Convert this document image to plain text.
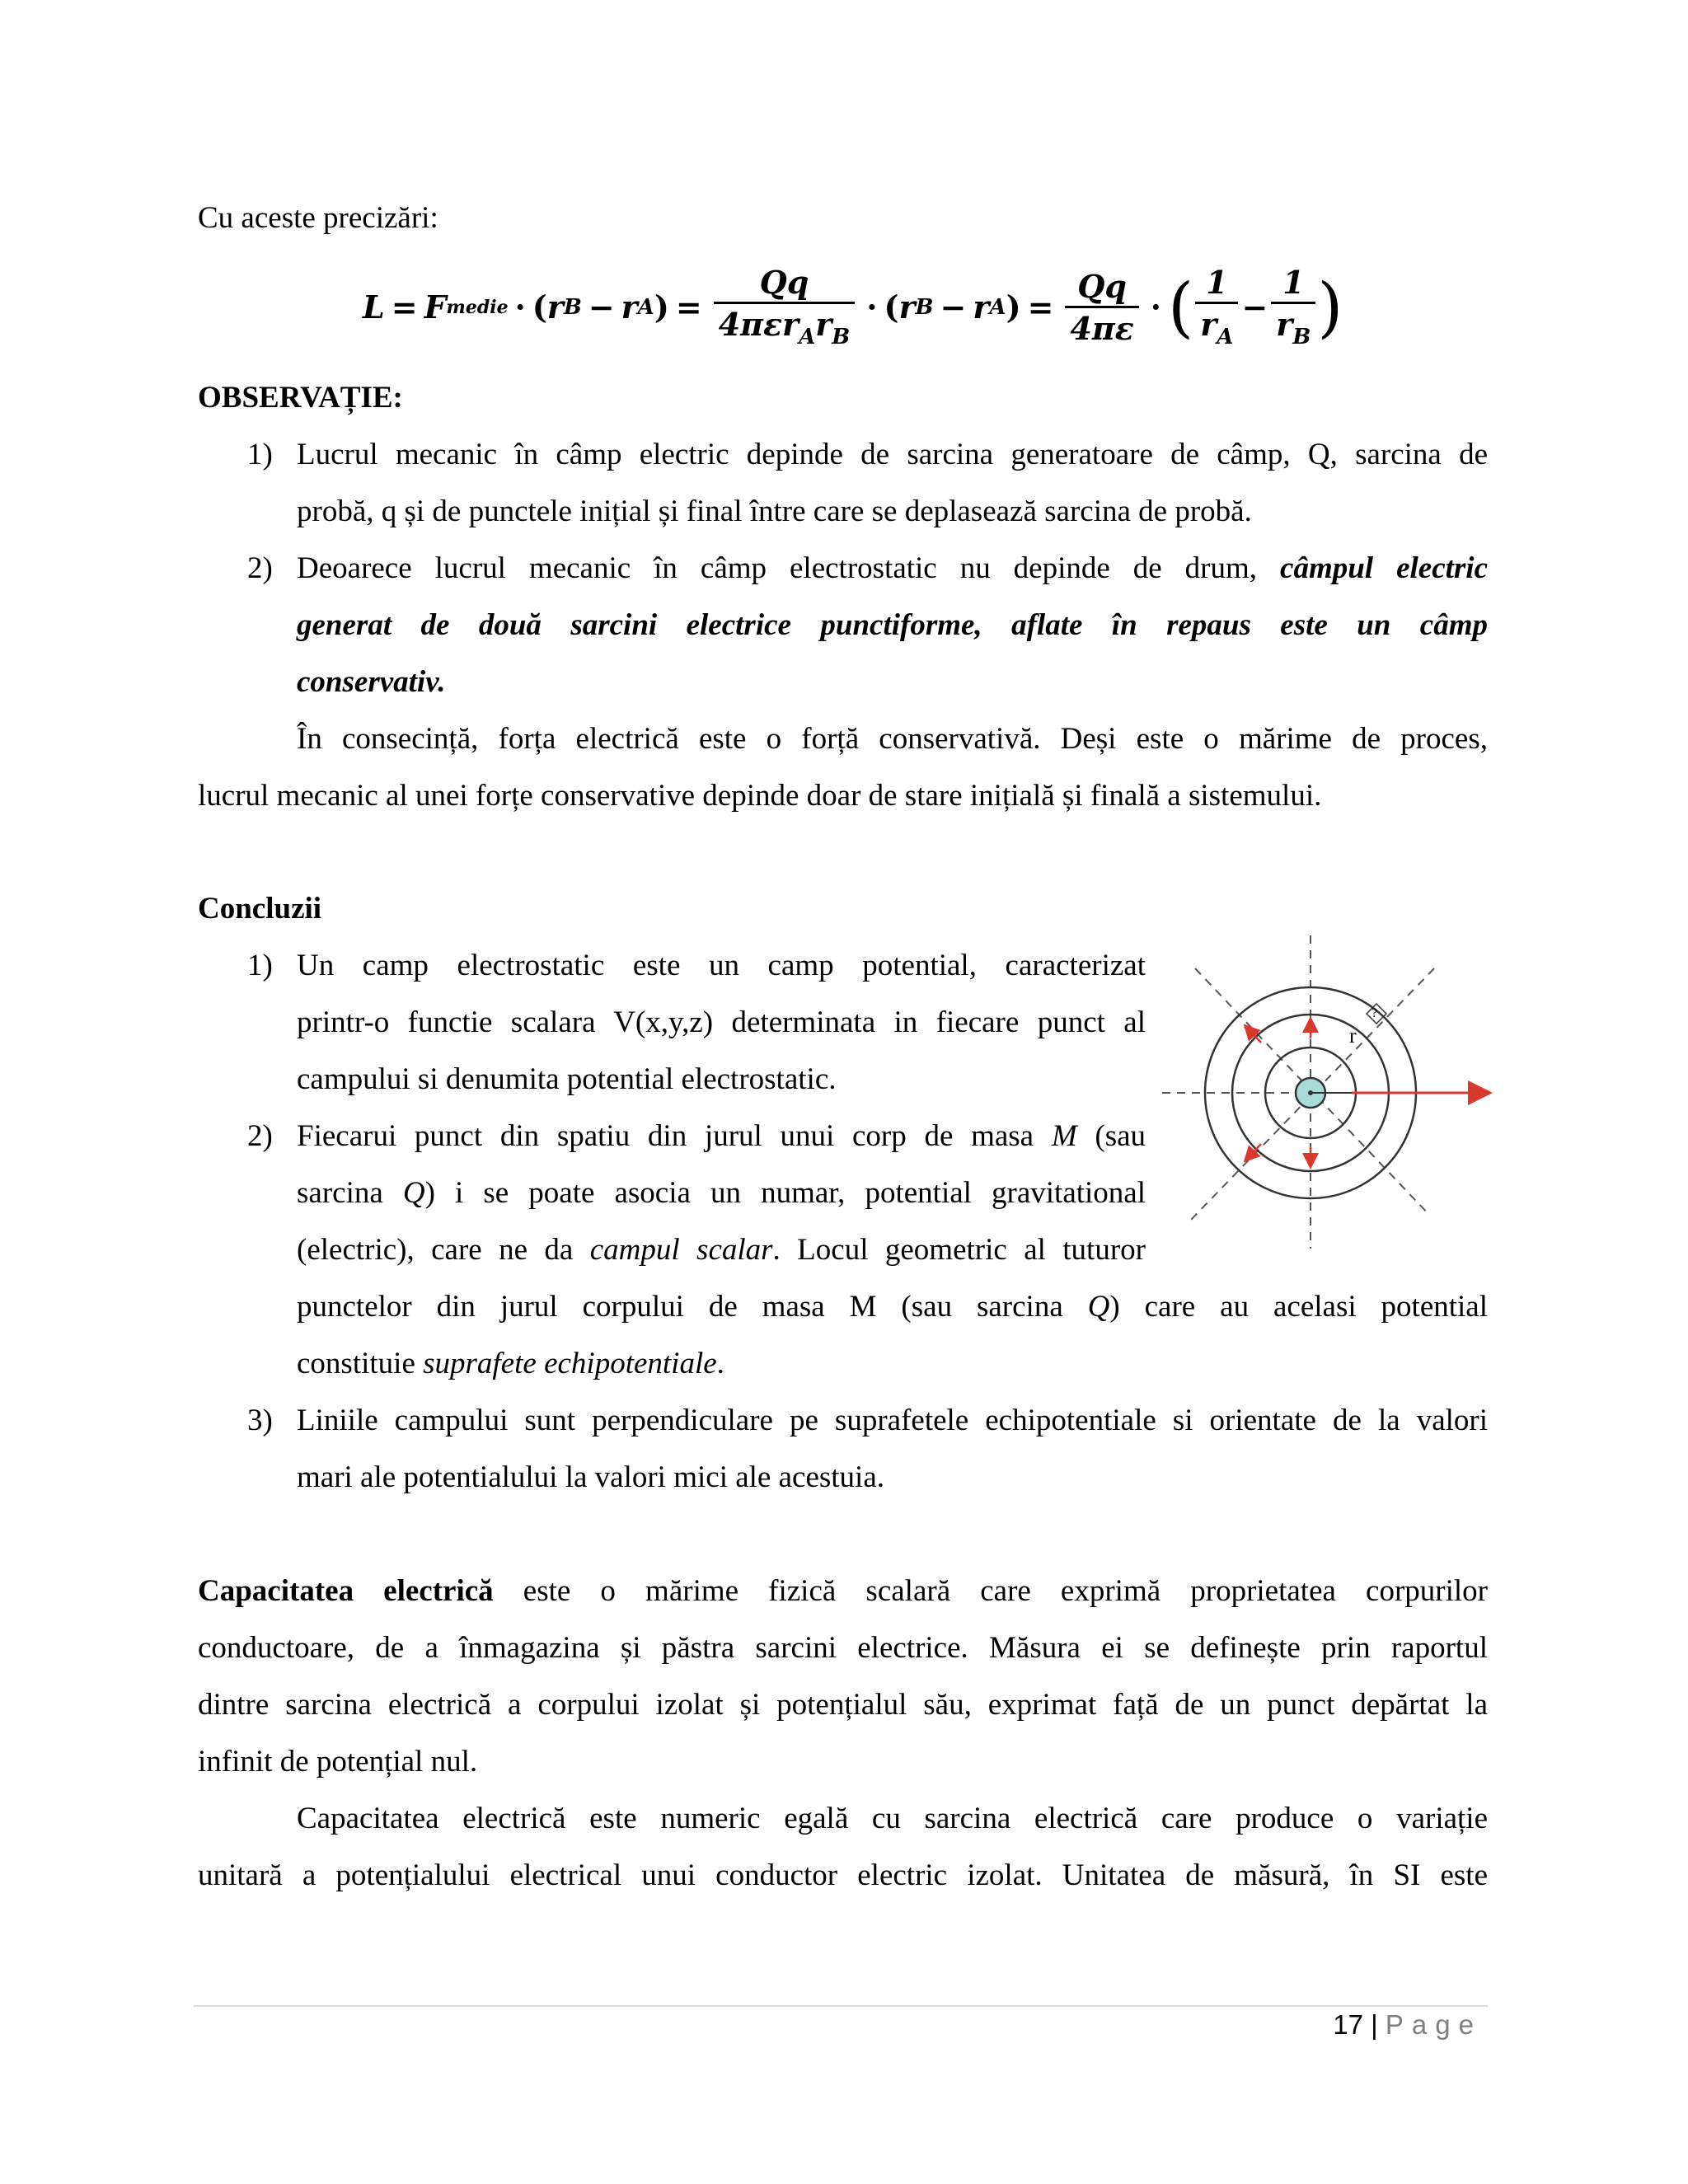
Cu aceste precizări:
L = F medie · ( r B − r A ) = $\frac{Qq}{4\pi\varepsilon r_Ar_B}$ · ( r B − r A ) = $\frac{Qq}{4\pi\varepsilon}$ · ( $\frac{1}{r_A} - \frac{1}{r_B}$ )
OBSERVAȚIE:
1) Lucrul mecanic în câmp electric depinde de sarcina generatoare de câmp, Q, sarcina de

probă, q și de punctele inițial și final între care se deplasează sarcina de probă.

2) Deoarece lucrul mecanic în câmp electrostatic nu depinde de drum, câmpul electric

generat de două sarcini electrice punctiforme, aflate în repaus este un câmp

conservativ.

În consecință, forța electrică este o forță conservativă. Deși este o mărime de proces,

lucrul mecanic al unei forțe conservative depinde doar de stare inițială și finală a sistemului.

Concluzii
1) Un camp electrostatic este un camp potential, caracterizat

printr-o functie scalara V(x,y,z) determinata in fiecare punct al

campului si denumita potential electrostatic.

2) Fiecarui punct din spatiu din jurul unui corp de masa M (sau

sarcina Q) i se poate asocia un numar, potential gravitational

(electric), care ne da campul scalar. Locul geometric al tuturor

punctelor din jurul corpului de masa M (sau sarcina Q) care au acelasi potential

constituie suprafete echipotentiale.

3) Liniile campului sunt perpendiculare pe suprafetele echipotentiale si orientate de la valori

mari ale potentialului la valori mici ale acestuia.

r
?

Capacitatea electrică este o mărime fizică scalară care exprimă proprietatea corpurilor

conductoare, de a înmagazina și păstra sarcini electrice. Măsura ei se definește prin raportul

dintre sarcina electrică a corpului izolat și potențialul său, exprimat față de un punct depărtat la

infinit de potențial nul.

Capacitatea electrică este numeric egală cu sarcina electrică care produce o variație

unitară a potențialului electrical unui conductor electric izolat. Unitatea de măsură, în SI este

17 | Page
